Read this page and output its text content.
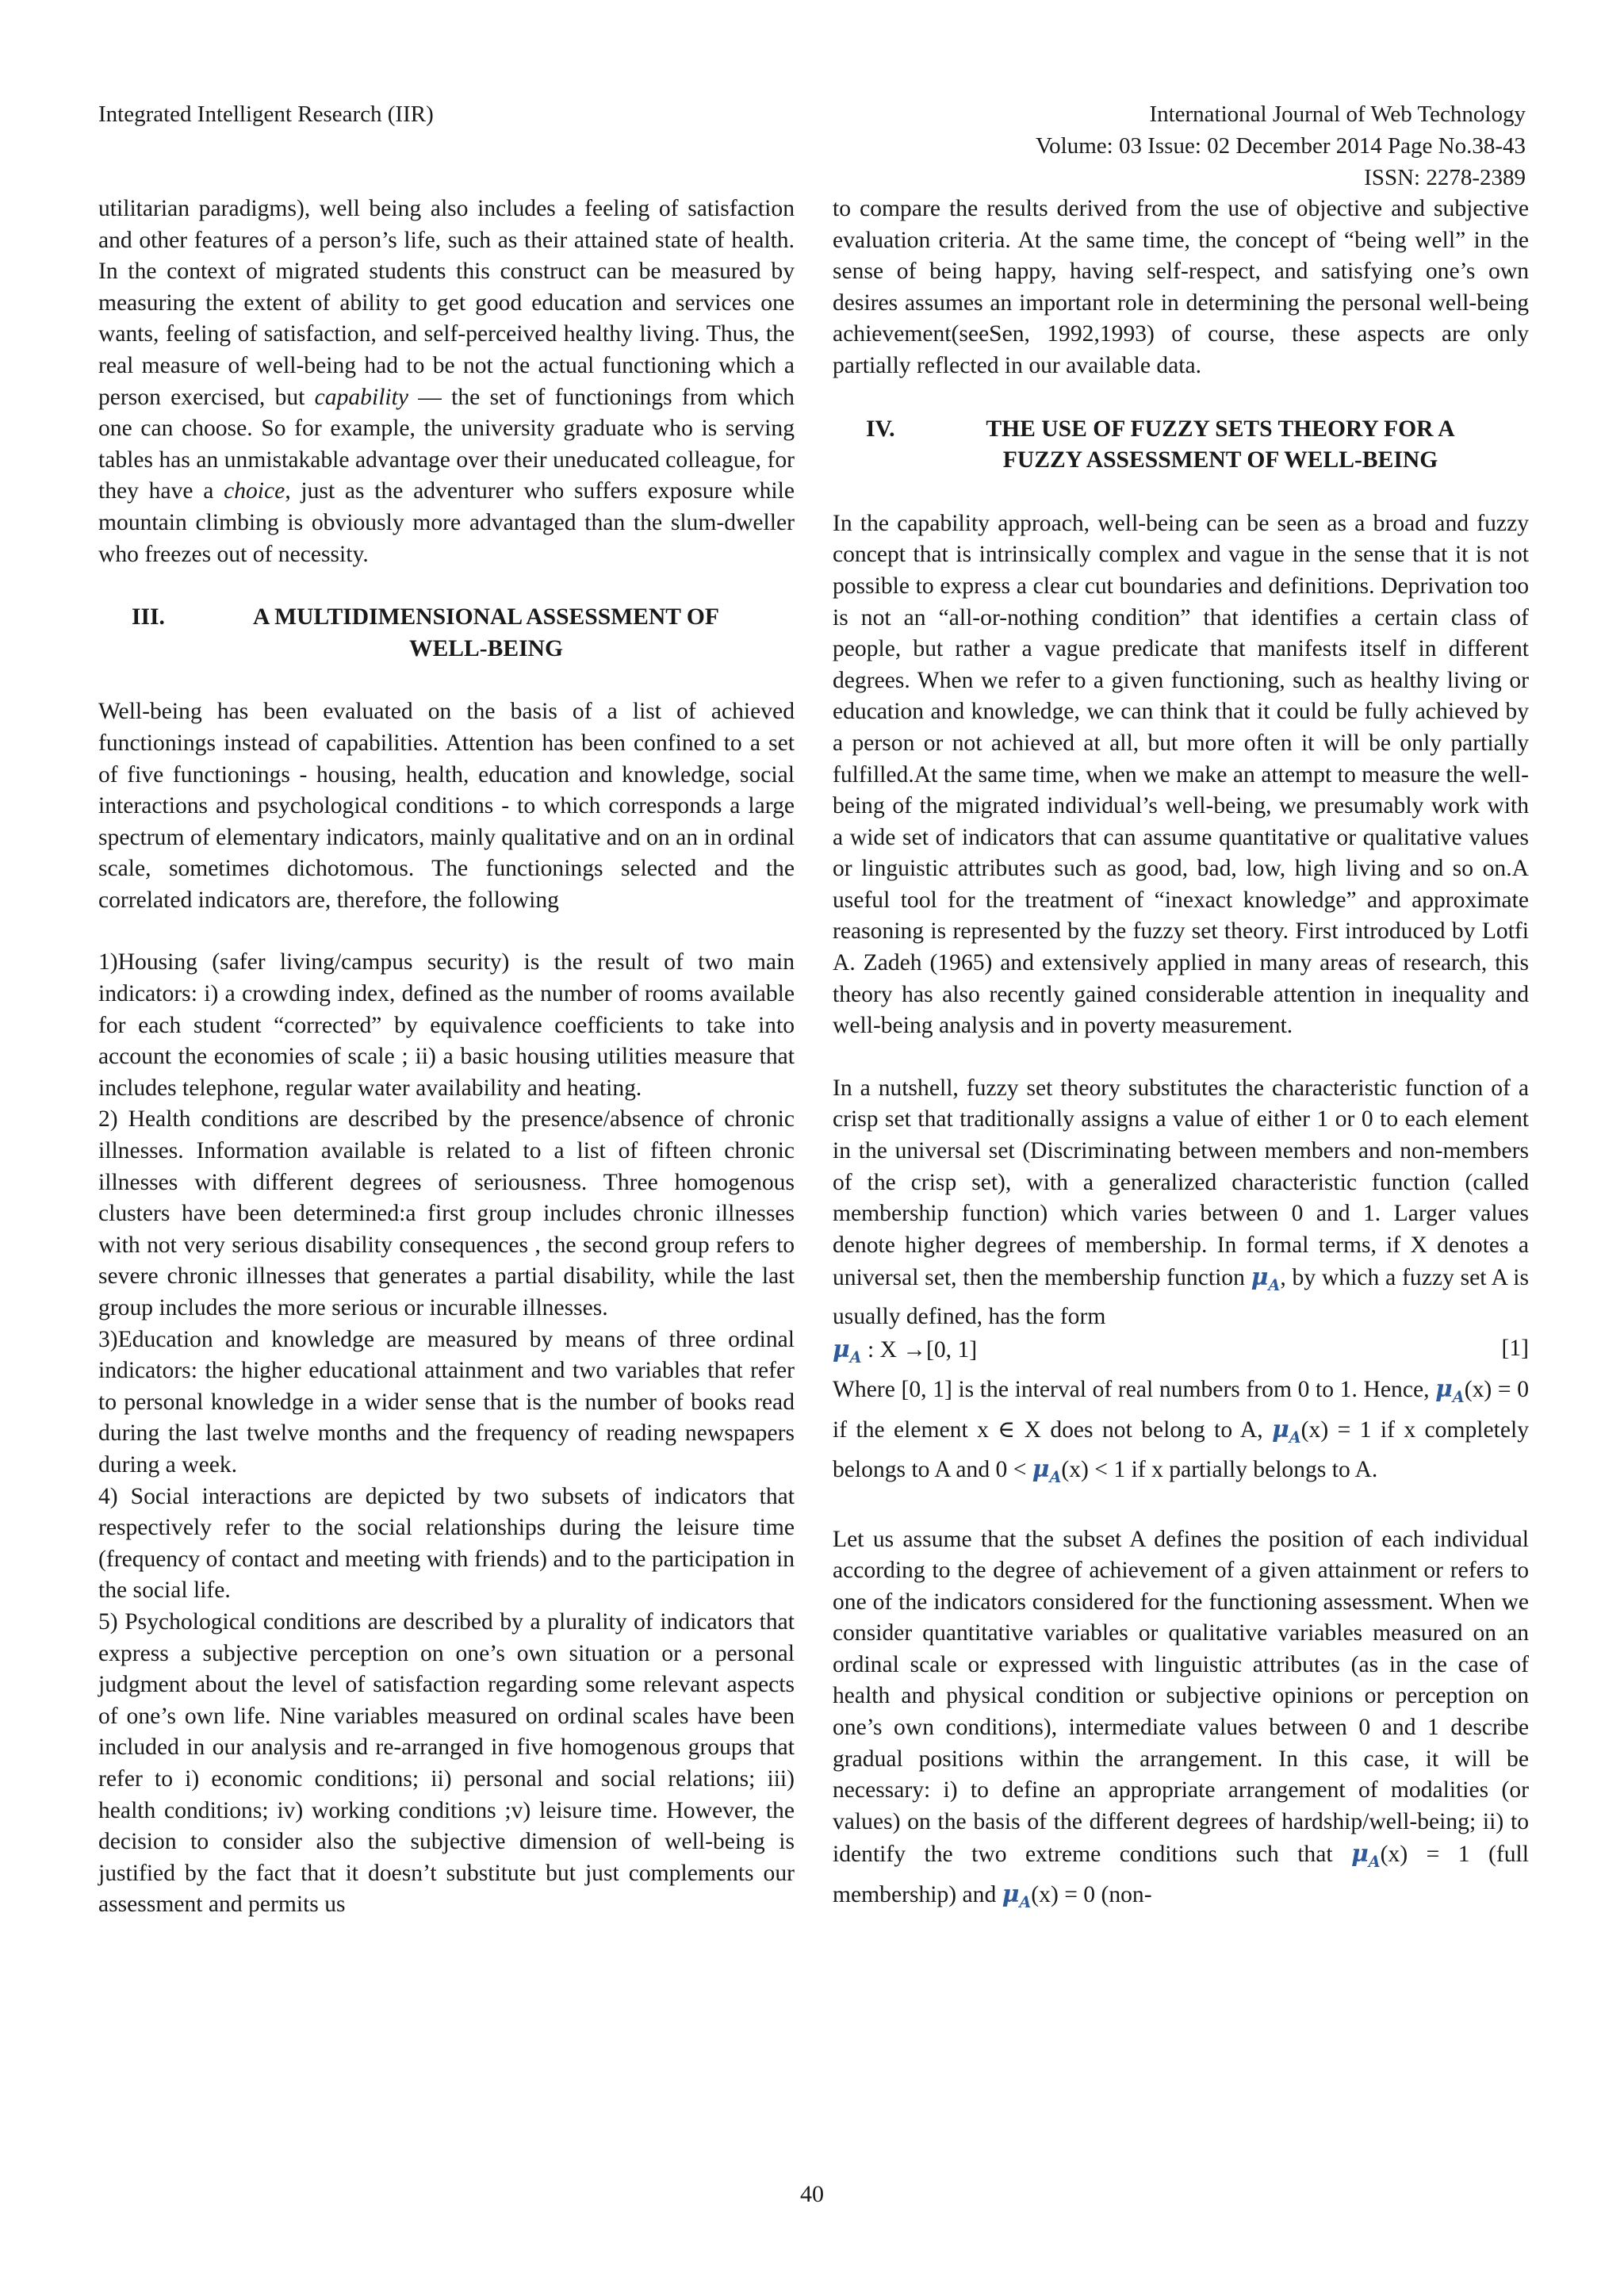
Integrated Intelligent Research (IIR)	International Journal of Web Technology
Volume: 03 Issue: 02 December 2014 Page No.38-43
ISSN: 2278-2389

utilitarian paradigms), well being also includes a feeling of satisfaction and other features of a person’s life, such as their attained state of health. In the context of migrated students this construct can be measured by measuring the extent of ability to get good education and services one wants, feeling of satisfaction, and self-perceived healthy living. Thus, the real measure of well-being had to be not the actual functioning which a person exercised, but capability — the set of functionings from which one can choose. So for example, the university graduate who is serving tables has an unmistakable advantage over their uneducated colleague, for they have a choice, just as the adventurer who suffers exposure while mountain climbing is obviously more advantaged than the slum-dweller who freezes out of necessity.

III.	A MULTIDIMENSIONAL ASSESSMENT OF
WELL-BEING

Well-being has been evaluated on the basis of a list of achieved functionings instead of capabilities. Attention has been confined to a set of five functionings - housing, health, education and knowledge, social interactions and psychological conditions - to which corresponds a large spectrum of elementary indicators, mainly qualitative and on an in ordinal scale, sometimes dichotomous. The functionings selected and the correlated indicators are, therefore, the following

1)Housing (safer living/campus security) is the result of two main indicators: i) a crowding index, defined as the number of rooms available for each student “corrected” by equivalence coefficients to take into account the economies of scale ; ii) a basic housing utilities measure that includes telephone, regular water availability and heating.

2) Health conditions are described by the presence/absence of chronic illnesses. Information available is related to a list of fifteen chronic illnesses with different degrees of seriousness. Three homogenous clusters have been determined:a first group includes chronic illnesses with not very serious disability consequences , the second group refers to severe chronic illnesses that generates a partial disability, while the last group includes the more serious or incurable illnesses.

3)Education and knowledge are measured by means of three ordinal indicators: the higher educational attainment and two variables that refer to personal knowledge in a wider sense that is the number of books read during the last twelve months and the frequency of reading newspapers during a week.

4) Social interactions are depicted by two subsets of indicators that respectively refer to the social relationships during the leisure time (frequency of contact and meeting with friends) and to the participation in the social life.

5) Psychological conditions are described by a plurality of indicators that express a subjective perception on one’s own situation or a personal judgment about the level of satisfaction regarding some relevant aspects of one’s own life. Nine variables measured on ordinal scales have been included in our analysis and re-arranged in five homogenous groups that refer to i) economic conditions; ii) personal and social relations; iii) health conditions; iv) working conditions ;v) leisure time. However, the decision to consider also the subjective dimension of well-being is justified by the fact that it doesn’t substitute but just complements our assessment and permits us

to compare the results derived from the use of objective and subjective evaluation criteria. At the same time, the concept of “being well” in the sense of being happy, having self-respect, and satisfying one’s own desires assumes an important role in determining the personal well-being achievement(seeSen, 1992,1993) of course, these aspects are only partially reflected in our available data.

IV.	THE USE OF FUZZY SETS THEORY FOR A
FUZZY ASSESSMENT OF WELL-BEING

In the capability approach, well-being can be seen as a broad and fuzzy concept that is intrinsically complex and vague in the sense that it is not possible to express a clear cut boundaries and definitions. Deprivation too is not an “all-or-nothing condition” that identifies a certain class of people, but rather a vague predicate that manifests itself in different degrees. When we refer to a given functioning, such as healthy living or education and knowledge, we can think that it could be fully achieved by a person or not achieved at all, but more often it will be only partially fulfilled.At the same time, when we make an attempt to measure the well-being of the migrated individual’s well-being, we presumably work with a wide set of indicators that can assume quantitative or qualitative values or linguistic attributes such as good, bad, low, high living and so on.A useful tool for the treatment of “inexact knowledge” and approximate reasoning is represented by the fuzzy set theory. First introduced by Lotfi A. Zadeh (1965) and extensively applied in many areas of research, this theory has also recently gained considerable attention in inequality and well-being analysis and in poverty measurement.

In a nutshell, fuzzy set theory substitutes the characteristic function of a crisp set that traditionally assigns a value of either 1 or 0 to each element in the universal set (Discriminating between members and non-members of the crisp set), with a generalized characteristic function (called membership function) which varies between 0 and 1. Larger values denote higher degrees of membership. In formal terms, if X denotes a universal set, then the membership function $\mu_A$, by which a fuzzy set A is usually defined, has the form

$\mu_A$ : X →[0, 1]	[1]

Where [0, 1] is the interval of real numbers from 0 to 1. Hence, $\mu_A(x) = 0$ if the element x ∈ X does not belong to A, $\mu_A(x) = 1$ if x completely belongs to A and $0 < \mu_A(x) < 1$ if x partially belongs to A.

Let us assume that the subset A defines the position of each individual according to the degree of achievement of a given attainment or refers to one of the indicators considered for the functioning assessment. When we consider quantitative variables or qualitative variables measured on an ordinal scale or expressed with linguistic attributes (as in the case of health and physical condition or subjective opinions or perception on one’s own conditions), intermediate values between 0 and 1 describe gradual positions within the arrangement. In this case, it will be necessary: i) to define an appropriate arrangement of modalities (or values) on the basis of the different degrees of hardship/well-being; ii) to identify the two extreme conditions such that $\mu_A(x) = 1$ (full membership) and $\mu_A(x) = 0$ (non-

40
